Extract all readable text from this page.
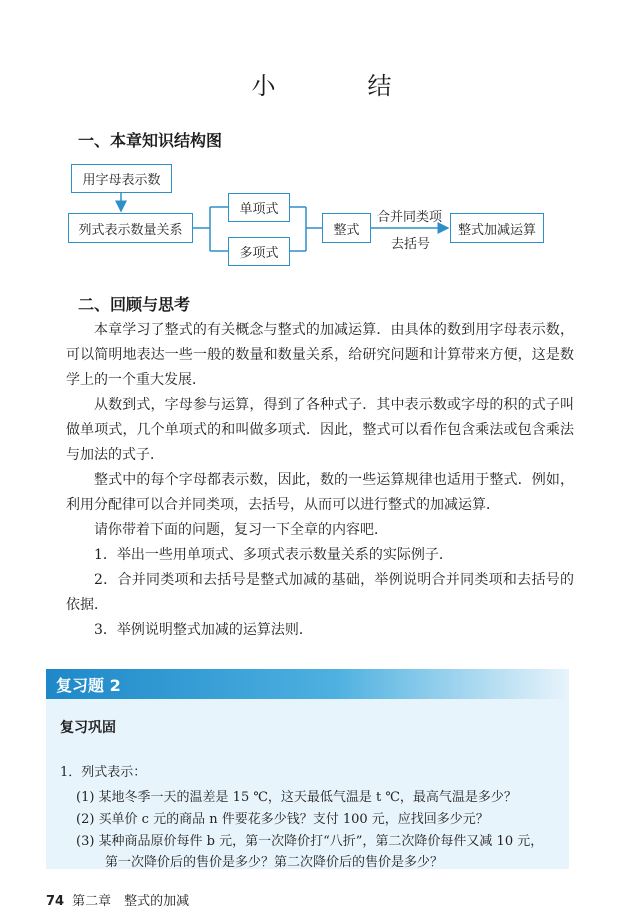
小　结
一、本章知识结构图
用字母表示数
列式表示数量关系
单项式
多项式
整式
合并同类项
去括号
整式加减运算
二、回顾与思考
本章学习了整式的有关概念与整式的加减运算．由具体的数到用字母表示数，可以简明地表达一些一般的数量和数量关系，给研究问题和计算带来方便，这是数学上的一个重大发展．
从数到式，字母参与运算，得到了各种式子．其中表示数或字母的积的式子叫做单项式，几个单项式的和叫做多项式．因此，整式可以看作包含乘法或包含乘法与加法的式子．
整式中的每个字母都表示数，因此，数的一些运算规律也适用于整式．例如，利用分配律可以合并同类项，去括号，从而可以进行整式的加减运算．
请你带着下面的问题，复习一下全章的内容吧．
1．举出一些用单项式、多项式表示数量关系的实际例子．
2．合并同类项和去括号是整式加减的基础，举例说明合并同类项和去括号的依据．
3．举例说明整式加减的运算法则．
复习题 2
复习巩固
1．列式表示：
(1) 某地冬季一天的温差是 15 ℃，这天最低气温是 t ℃，最高气温是多少？
(2) 买单价 c 元的商品 n 件要花多少钱？支付 100 元，应找回多少元？
(3) 某种商品原价每件 b 元，第一次降价打“八折”，第二次降价每件又减 10 元，
第一次降价后的售价是多少？第二次降价后的售价是多少？
74 第二章　整式的加减
